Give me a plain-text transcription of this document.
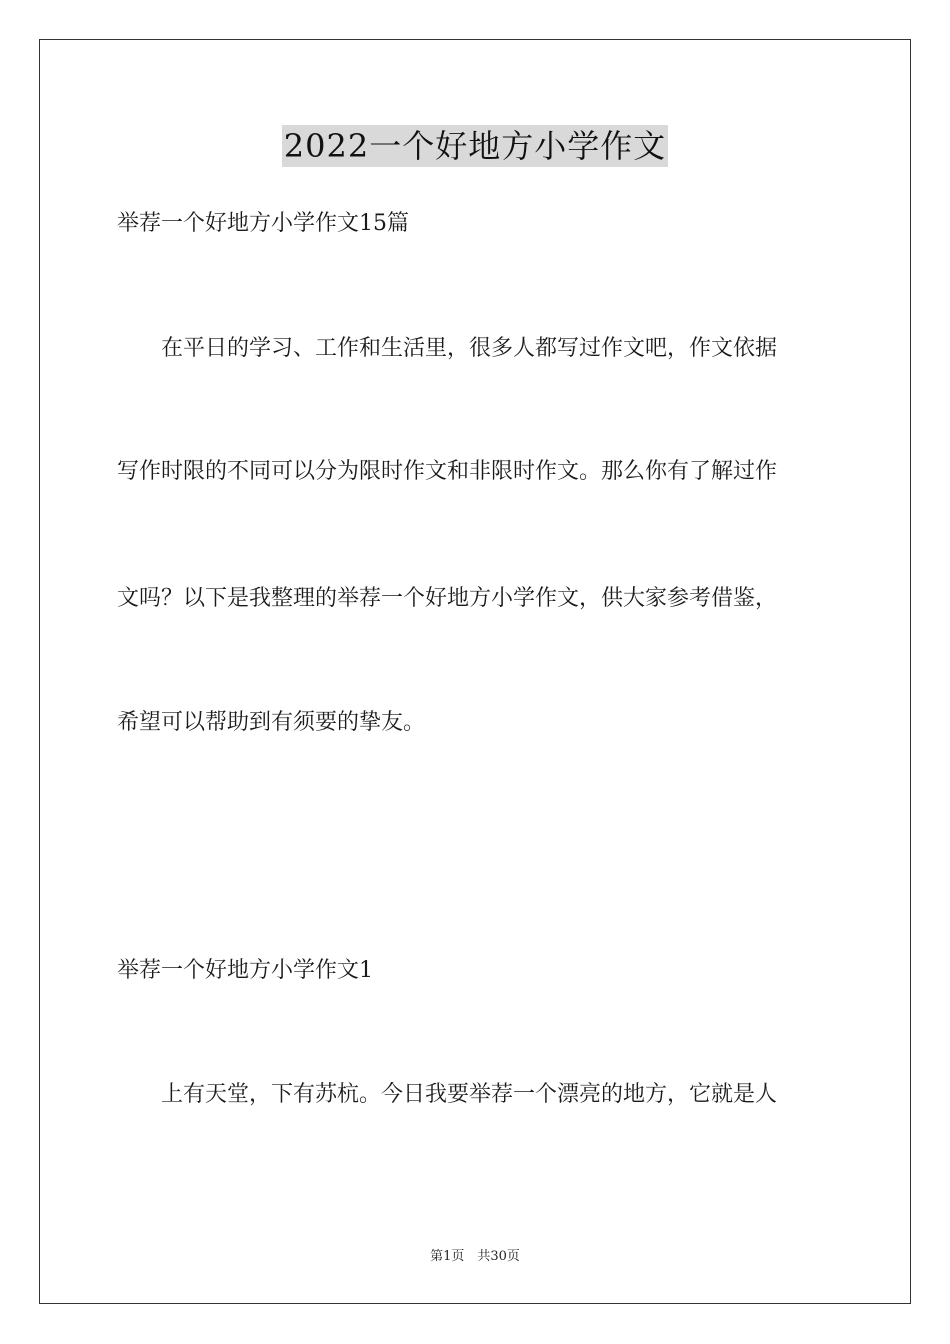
2022一个好地方小学作文
举荐一个好地方小学作文15篇
　　在平日的学习、工作和生活里，很多人都写过作文吧，作文依据
写作时限的不同可以分为限时作文和非限时作文。那么你有了解过作
文吗？以下是我整理的举荐一个好地方小学作文，供大家参考借鉴，
希望可以帮助到有须要的挚友。
举荐一个好地方小学作文1
　　上有天堂，下有苏杭。今日我要举荐一个漂亮的地方，它就是人
第1页　共30页
